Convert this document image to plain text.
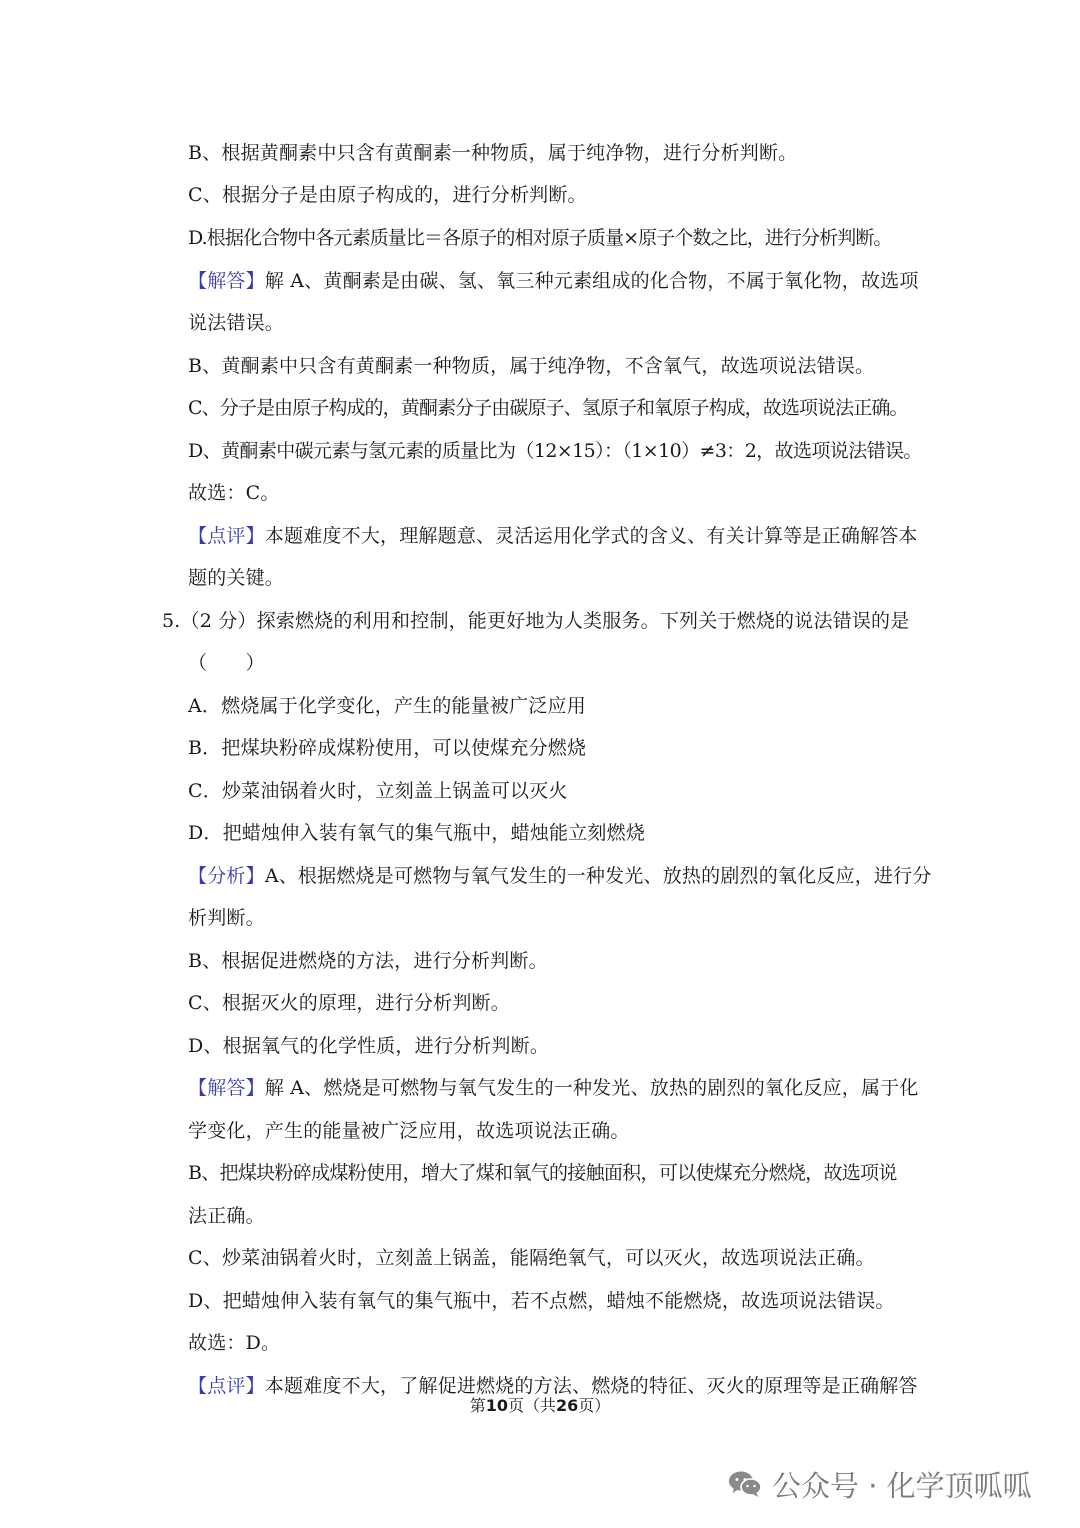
B、根据黄酮素中只含有黄酮素一种物质，属于纯净物，进行分析判断。
C、根据分子是由原子构成的，进行分析判断。
D.根据化合物中各元素质量比＝各原子的相对原子质量×原子个数之比，进行分析判断。
【解答】解 A、黄酮素是由碳、氢、氧三种元素组成的化合物，不属于氧化物，故选项
说法错误。
B、黄酮素中只含有黄酮素一种物质，属于纯净物，不含氧气，故选项说法错误。
C、分子是由原子构成的，黄酮素分子由碳原子、氢原子和氧原子构成，故选项说法正确。
D、黄酮素中碳元素与氢元素的质量比为（12×15）：（1×10）≠3：2，故选项说法错误。
故选：C。
【点评】本题难度不大，理解题意、灵活运用化学式的含义、有关计算等是正确解答本
题的关键。
5.（2 分）探索燃烧的利用和控制，能更好地为人类服务。下列关于燃烧的说法错误的是
（　　）
A．燃烧属于化学变化，产生的能量被广泛应用
B．把煤块粉碎成煤粉使用，可以使煤充分燃烧
C．炒菜油锅着火时，立刻盖上锅盖可以灭火
D．把蜡烛伸入装有氧气的集气瓶中，蜡烛能立刻燃烧
【分析】A、根据燃烧是可燃物与氧气发生的一种发光、放热的剧烈的氧化反应，进行分
析判断。
B、根据促进燃烧的方法，进行分析判断。
C、根据灭火的原理，进行分析判断。
D、根据氧气的化学性质，进行分析判断。
【解答】解 A、燃烧是可燃物与氧气发生的一种发光、放热的剧烈的氧化反应，属于化
学变化，产生的能量被广泛应用，故选项说法正确。
B、把煤块粉碎成煤粉使用，增大了煤和氧气的接触面积，可以使煤充分燃烧，故选项说
法正确。
C、炒菜油锅着火时，立刻盖上锅盖，能隔绝氧气，可以灭火，故选项说法正确。
D、把蜡烛伸入装有氧气的集气瓶中，若不点燃，蜡烛不能燃烧，故选项说法错误。
故选：D。
【点评】本题难度不大，了解促进燃烧的方法、燃烧的特征、灭火的原理等是正确解答
第10页（共26页）
公众号 · 化学顶呱呱
